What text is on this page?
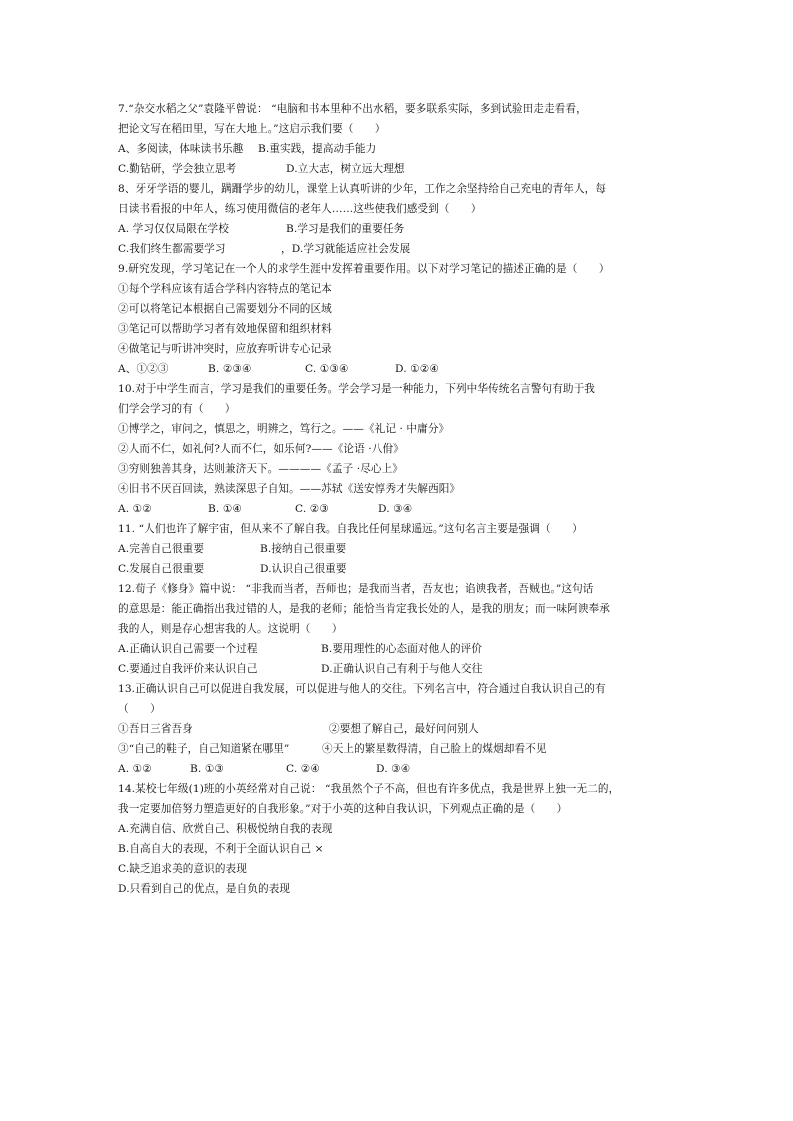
7.“杂交水稻之父”袁隆平曾说： “电脑和书本里种不出水稻，要多联系实际，多到试验田走走看看，
把论文写在稻田里，写在大地上。”这启示我们要（　　）
A、多阅读，体味读书乐趣 B.重实践，提高动手能力
C.勤钻研，学会独立思考	D.立大志，树立远大理想
8、牙牙学语的婴儿，蹒跚学步的幼儿，课堂上认真听讲的少年，工作之余坚持给自己充电的青年人，每
日读书看报的中年人，练习使用微信的老年人……这些使我们感受到（　　）
A. 学习仅仅局限在学校	B.学习是我们的重要任务
C.我们终生都需要学习	，D.学习就能适应社会发展
9.研究发现，学习笔记在一个人的求学生涯中发挥着重要作用。以下对学习笔记的描述正确的是（　　）
①每个学科应该有适合学科内容特点的笔记本
②可以将笔记本根据自己需要划分不同的区域
③笔记可以帮助学习者有效地保留和组织材料
④做笔记与听讲冲突时，应放弃听讲专心记录
A、①②③	B. ②③④	C. ①③④	D. ①②④
10.对于中学生而言，学习是我们的重要任务。学会学习是一种能力，下列中华传统名言警句有助于我
们学会学习的有（　　）
①博学之，审问之，慎思之，明辨之，笃行之。——《礼记 · 中庸分》
②人而不仁，如礼何?人而不仁，如乐何?——《论语 ·八佾》
③穷则独善其身，达则兼济天下。————《孟子 ·尽心上》
④旧书不厌百回读，熟读深思子自知。——苏轼《送安惇秀才失解西阳》
A. ①②	B. ①④	C. ②③	D. ③④
11. “人们也许了解宇宙，但从来不了解自我。自我比任何星球遥远。”这句名言主要是强调（　　）
A.完善自己很重要	B.接纳自己很重要
C.发展自己很重要	D.认识自己很重要
12.荀子《修身》篇中说： “非我而当者，吾师也；是我而当者，吾友也；谄谀我者，吾贼也。”这句话
的意思是：能正确指出我过错的人，是我的老师；能恰当肯定我长处的人，是我的朋友；而一味阿谀奉承
我的人，则是存心想害我的人。这说明（　　）
A.正确认识自己需要一个过程	B.要用理性的心态面对他人的评价
C.要通过自我评价来认识自己	D.正确认识自己有利于与他人交往
13.正确认识自己可以促进自我发展，可以促进与他人的交往。下列名言中，符合通过自我认识自己的有
（　　）
①吾日三省吾身	②要想了解自己，最好问问别人
③“自己的鞋子，自己知道紧在哪里”	④天上的繁星数得清，自己脸上的煤烟却看不见
A. ①②	B. ①③	C. ②④	D. ③④
14.某校七年级(1)班的小英经常对自己说： “我虽然个子不高，但也有许多优点，我是世界上独一无二的，
我一定要加倍努力塑造更好的自我形象。”对于小英的这种自我认识，下列观点正确的是（　　）
A.充满自信、欣赏自己、积极悦纳自我的表现
B.自高自大的表现，不利于全面认识自己 ×
C.缺乏追求美的意识的表现
D.只看到自己的优点，是自负的表现
